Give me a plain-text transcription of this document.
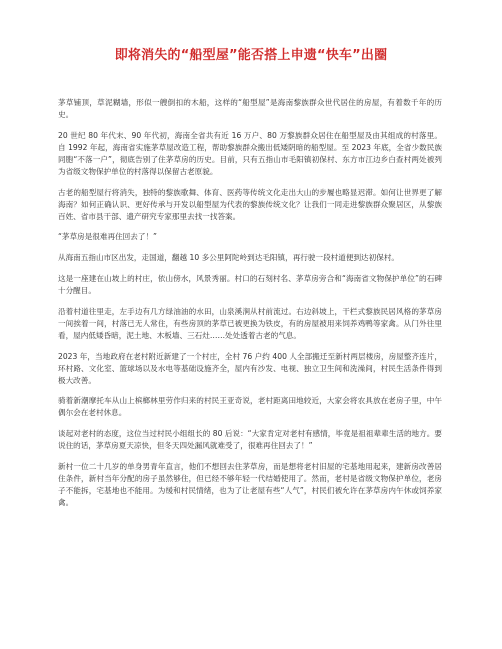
即将消失的“船型屋”能否搭上申遗“快车”出圈

茅草铺顶，草泥糊墙，形似一艘倒扣的木船，这样的“船型屋”是海南黎族群众世代居住的房屋，有着数千年的历史。

20 世纪 80 年代末、90 年代初，海南全省共有近 16 万户、80 万黎族群众居住在船型屋及由其组成的村落里。自 1992 年起，海南省实施茅草屋改造工程，帮助黎族群众搬出低矮阴暗的船型屋。至 2023 年底，全省少数民族同胞“不落一户”，彻底告别了住茅草房的历史。目前，只有五指山市毛阳镇初保村、东方市江边乡白查村两处被列为省级文物保护单位的村落得以保留古老原貌。

古老的船型屋行将消失，独特的黎族歌舞、体育、医药等传统文化走出大山的步履也略显迟滞。如何让世界更了解海南？如何正确认识、更好传承与开发以船型屋为代表的黎族传统文化？让我们一同走进黎族群众聚居区，从黎族百姓、省市县干部、遗产研究专家那里去找一找答案。

“茅草房是很难再住回去了！”

从海南五指山市区出发，走国道，翻越 10 多公里阿陀岭到达毛阳镇，再行驶一段村道便到达初保村。

这是一座建在山坡上的村庄，依山傍水，风景秀丽。村口的石刻村名、茅草房旁合和“海南省文物保护单位”的石碑十分醒目。

沿着村道往里走，左手边有几方绿油油的水田，山泉溪涧从村前流过。右边斜坡上，干栏式黎族民居风格的茅草房一间挨着一间，村落已无人常住，有些房顶的茅草已被更换为铁皮，有的房屋被用来饲养鸡鸭等家禽。从门外往里看，屋内低矮昏暗，泥土地、木板墙、三石灶……处处透着古老的气息。

2023 年，当地政府在老村附近新建了一个村庄，全村 76 户约 400 人全部搬迁至新村两层楼房，房屋整齐连片，环村路、文化室、篮球场以及水电等基础设施齐全，屋内有沙发、电视、独立卫生间和洗澡间，村民生活条件得到极大改善。

骑着新潮摩托车从山上槟榔林里劳作归来的村民王亚奇说，老村距离田地较近，大家会将农具放在老房子里，中午偶尔会在老村休息。

谈起对老村的态度，这位当过村民小组组长的 80 后说：“大家肯定对老村有感情，毕竟是祖祖辈辈生活的地方。要说住的话，茅草房夏天凉快，但冬天四处漏风就难受了，很难再住回去了！”

新村一位二十几岁的单身男青年直言，他们不想回去住茅草房，而是想将老村旧屋的宅基地用起来，建新房改善居住条件，新村当年分配的房子虽然够住，但已经不够年轻一代结婚使用了。然而，老村是省级文物保护单位，老房子不能拆，宅基地也不能用。为缓和村民情绪，也为了让老屋有些“人气”，村民们被允许在茅草房内午休或饲养家禽。
